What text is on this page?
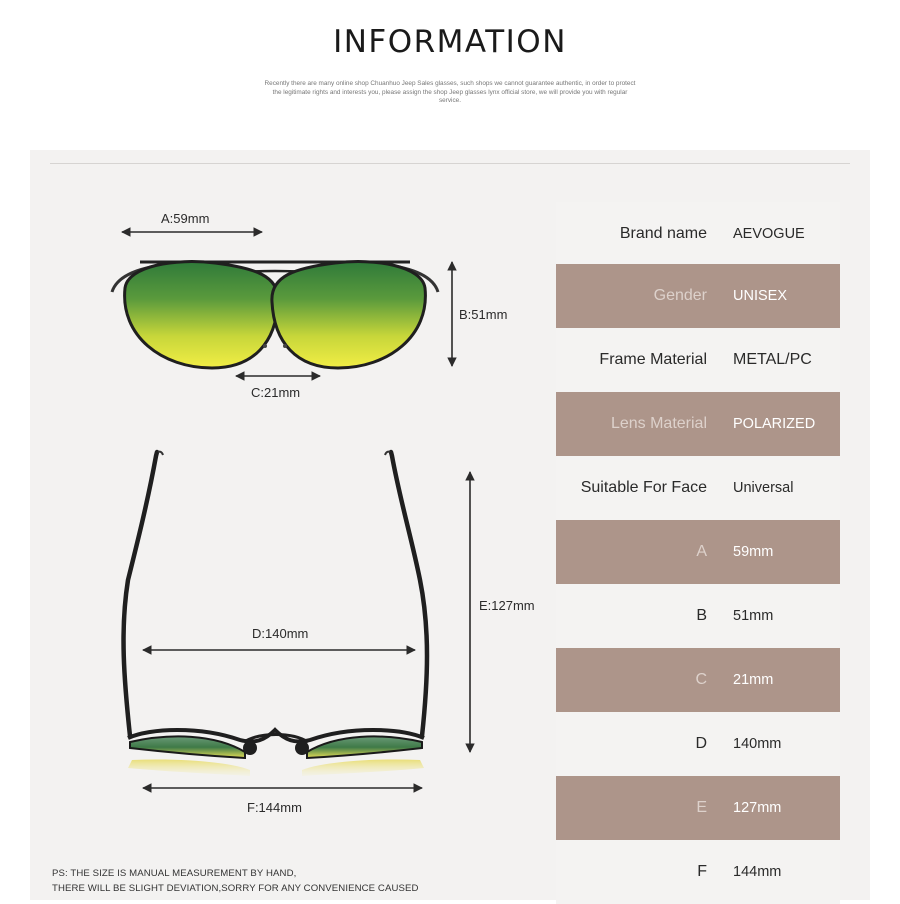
INFORMATION
Recently there are many online shop Chuanhuo Jeep Sales glasses, such shops we cannot guarantee authentic, in order to protect the legitimate rights and interests you, please assign the shop Jeep glasses lynx official store, we will provide you with regular service.
A:59mm
B:51mm
C:21mm
D:140mm
E:127mm
F:144mm
Brand name AEVOGUE
Gender UNISEX
Frame Material METAL/PC
Lens Material POLARIZED
Suitable For Face Universal
A 59mm
B 51mm
C 21mm
D 140mm
E 127mm
F 144mm
PS: THE SIZE IS MANUAL MEASUREMENT BY HAND,
THERE WILL BE SLIGHT DEVIATION,SORRY FOR ANY CONVENIENCE CAUSED
